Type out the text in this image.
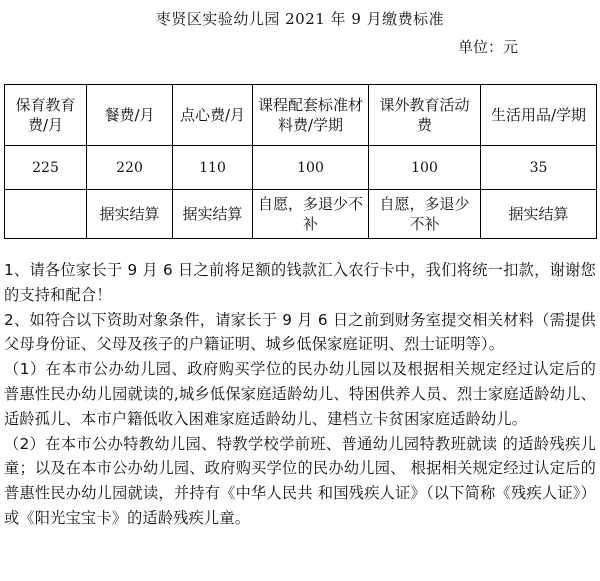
枣贤区实验幼儿园 2021 年 9 月缴费标准
单位：元
保育教育费/月	餐费/月	点心费/月	课程配套标准材料费/学期	课外教育活动费	生活用品/学期
225	220	110	100	100	35
	据实结算	据实结算	自愿，多退少不补	自愿，多退少不补	据实结算

1、请各位家长于 9 月 6 日之前将足额的钱款汇入农行卡中，我们将统一扣款，谢谢您的支持和配合！

2、如符合以下资助对象条件，请家长于 9 月 6 日之前到财务室提交相关材料（需提供父母身份证、父母及孩子的户籍证明、城乡低保家庭证明、烈士证明等）。

（1）在本市公办幼儿园、政府购买学位的民办幼儿园以及根据相关规定经过认定后的普惠性民办幼儿园就读的,城乡低保家庭适龄幼儿、特困供养人员、烈士家庭适龄幼儿、适龄孤儿、本市户籍低收入困难家庭适龄幼儿、建档立卡贫困家庭适龄幼儿。

（2）在本市公办特教幼儿园、特教学校学前班、普通幼儿园特教班就读 的适龄残疾儿童；以及在本市公办幼儿园、政府购买学位的民办幼儿园、 根据相关规定经过认定后的普惠性民办幼儿园就读，并持有《中华人民共 和国残疾人证》（以下简称《残疾人证》）或《阳光宝宝卡》的适龄残疾儿童。
